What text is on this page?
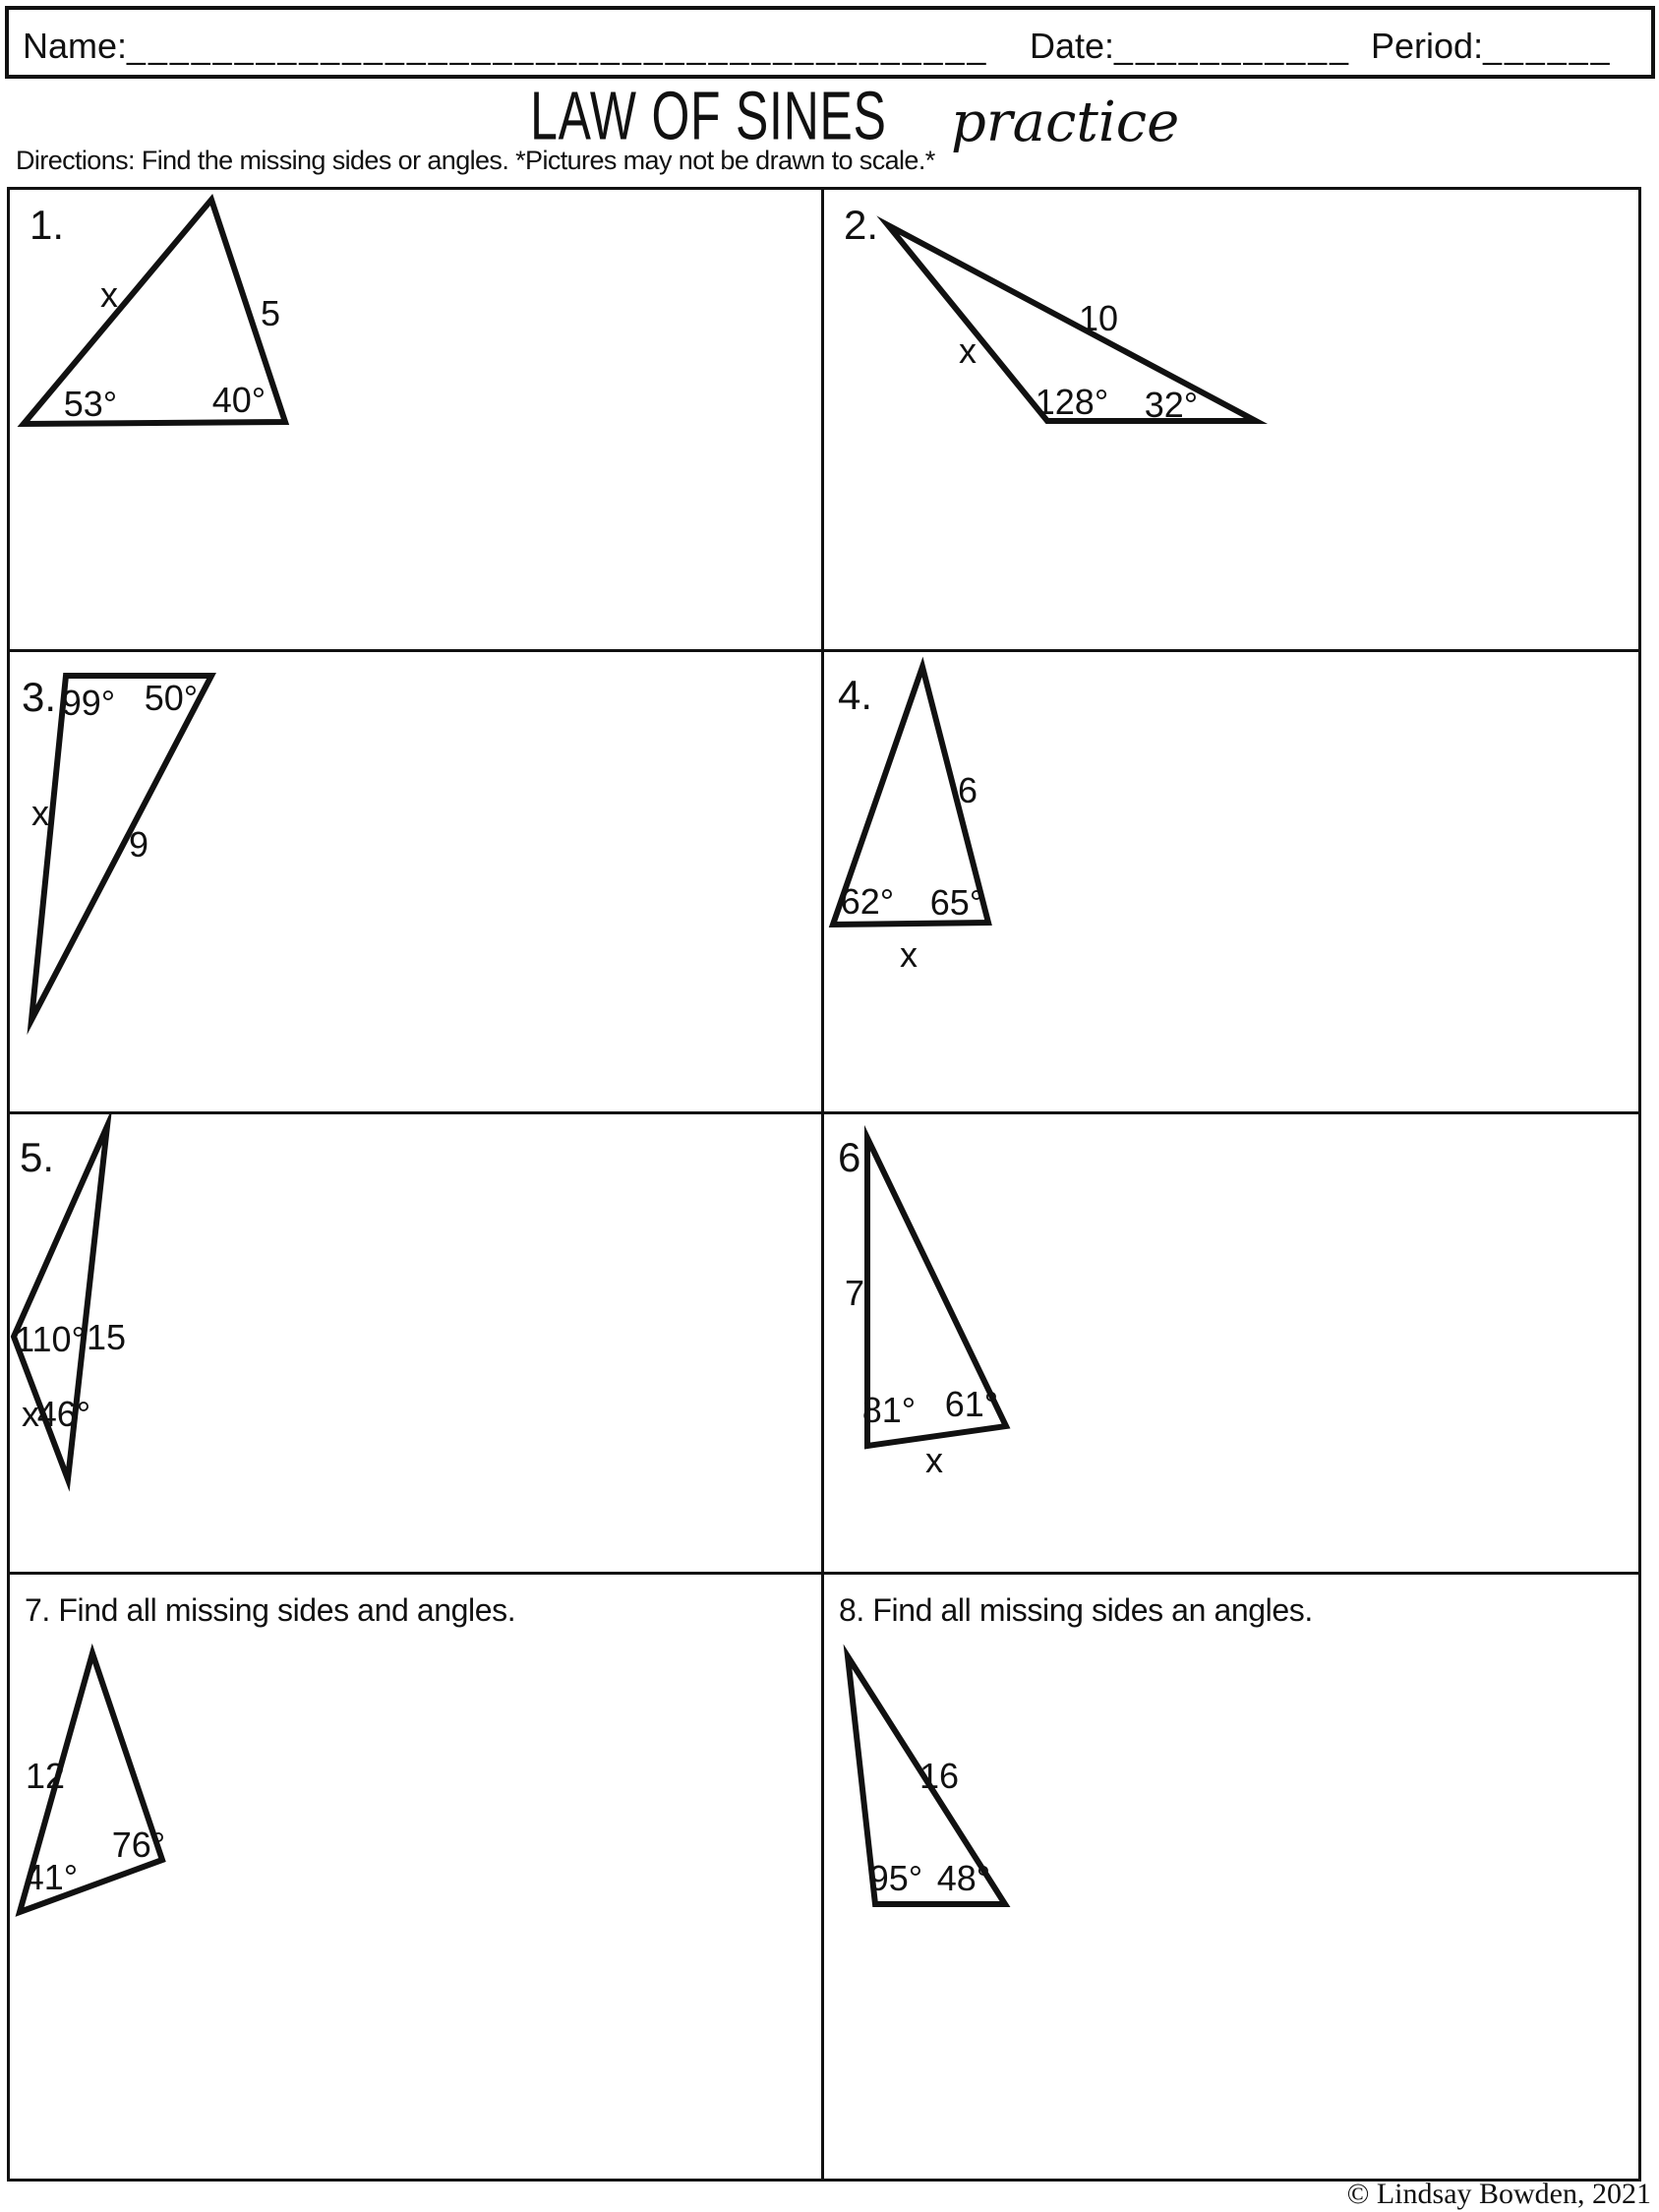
Name:________________________________________ Date:___________ Period:______
LAW OF SINES practice
Directions: Find the missing sides or angles. *Pictures may not be drawn to scale.*
1.
x	5
53°	40°
2.
10
x
128° 32°
3. 99° 50°
x
9
4.
6
62° 65°
x
5.
110° 15
x
46°
6.
7
81° 61°
x
7. Find all missing sides and angles.
12
41°
76°
8. Find all missing sides an angles.
16
95° 48°
© Lindsay Bowden, 2021
